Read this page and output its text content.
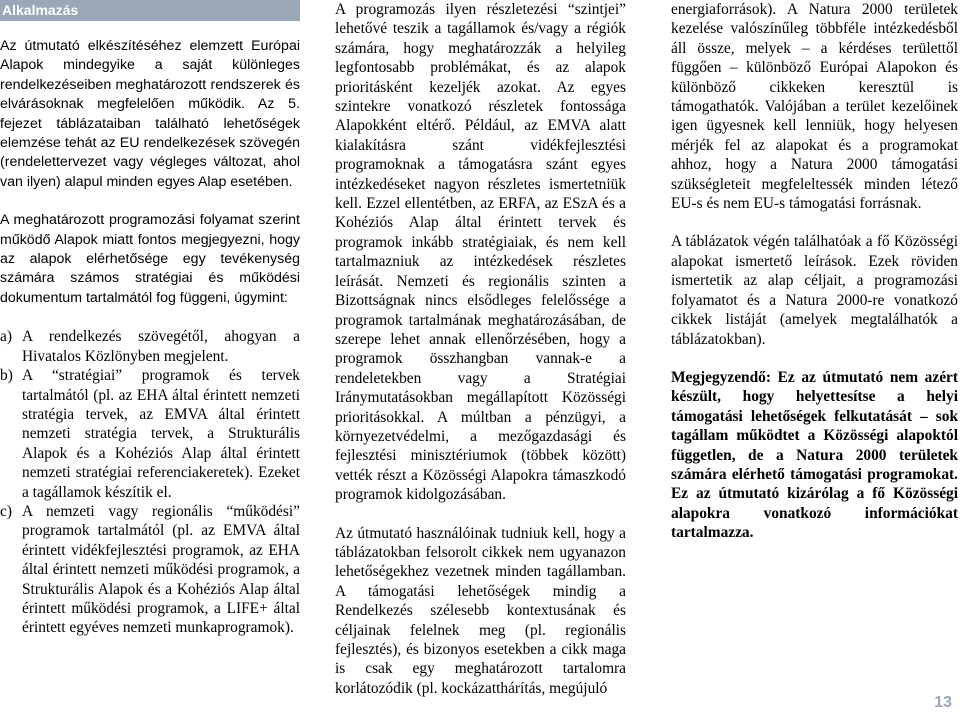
Alkalmazás

Az útmutató elkészítéséhez elemzett Európai Alapok mindegyike a saját különleges rendelkezéseiben meghatározott rendszerek és elvárásoknak megfelelően működik. Az 5. fejezet táblázataiban található lehetőségek elemzése tehát az EU rendelkezések szövegén (rendelettervezet vagy végleges változat, ahol van ilyen) alapul minden egyes Alap esetében.

A meghatározott programozási folyamat szerint működő Alapok miatt fontos megjegyezni, hogy az alapok elérhetősége egy tevékenység számára számos stratégiai és működési dokumentum tartalmától fog függeni, úgymint:

a) A rendelkezés szövegétől, ahogyan a Hivatalos Közlönyben megjelent.
b) A “stratégiai” programok és tervek tartalmától (pl. az EHA által érintett nemzeti stratégia tervek, az EMVA által érintett nemzeti stratégia tervek, a Strukturális Alapok és a Kohéziós Alap által érintett nemzeti stratégiai referenciakeretek). Ezeket a tagállamok készítik el.
c) A nemzeti vagy regionális “működési” programok tartalmától (pl. az EMVA által érintett vidékfejlesztési programok, az EHA által érintett nemzeti működési programok, a Strukturális Alapok és a Kohéziós Alap által érintett működési programok, a LIFE+ által érintett egyéves nemzeti munkaprogramok).

A programozás ilyen részletezési “szintjei” lehetővé teszik a tagállamok és/vagy a régiók számára, hogy meghatározzák a helyileg legfontosabb problémákat, és az alapok prioritásként kezeljék azokat. Az egyes szintekre vonatkozó részletek fontossága Alapokként eltérő. Például, az EMVA alatt kialakításra szánt vidékfejlesztési programoknak a támogatásra szánt egyes intézkedéseket nagyon részletes ismertetniük kell. Ezzel ellentétben, az ERFA, az ESzA és a Kohéziós Alap által érintett tervek és programok inkább stratégiaiak, és nem kell tartalmazniuk az intézkedések részletes leírását. Nemzeti és regionális szinten a Bizottságnak nincs elsődleges felelőssége a programok tartalmának meghatározásában, de szerepe lehet annak ellenőrzésében, hogy a programok összhangban vannak-e a rendeletekben vagy a Stratégiai Iránymutatásokban megállapított Közösségi prioritásokkal. A múltban a pénzügyi, a környezetvédelmi, a mezőgazdasági és fejlesztési minisztériumok (többek között) vették részt a Közösségi Alapokra támaszkodó programok kidolgozásában.

Az útmutató használóinak tudniuk kell, hogy a táblázatokban felsorolt cikkek nem ugyanazon lehetőségekhez vezetnek minden tagállamban. A támogatási lehetőségek mindig a Rendelkezés szélesebb kontextusának és céljainak felelnek meg (pl. regionális fejlesztés), és bizonyos esetekben a cikk maga is csak egy meghatározott tartalomra korlátozódik (pl. kockázatthárítás, megújuló

energiaforrások). A Natura 2000 területek kezelése valószínűleg többféle intézkedésből áll össze, melyek – a kérdéses területtől függően – különböző Európai Alapokon és különböző cikkeken keresztül is támogathatók. Valójában a terület kezelőinek igen ügyesnek kell lenniük, hogy helyesen mérjék fel az alapokat és a programokat ahhoz, hogy a Natura 2000 támogatási szükségleteit megfeleltessék minden létező EU-s és nem EU-s támogatási forrásnak.

A táblázatok végén találhatóak a fő Közösségi alapokat ismertető leírások. Ezek röviden ismertetik az alap céljait, a programozási folyamatot és a Natura 2000-re vonatkozó cikkek listáját (amelyek megtalálhatók a táblázatokban).

Megjegyzendő: Ez az útmutató nem azért készült, hogy helyettesítse a helyi támogatási lehetőségek felkutatását – sok tagállam működtet a Közösségi alapoktól független, de a Natura 2000 területek számára elérhető támogatási programokat. Ez az útmutató kizárólag a fő Közösségi alapokra vonatkozó információkat tartalmazza.

13
